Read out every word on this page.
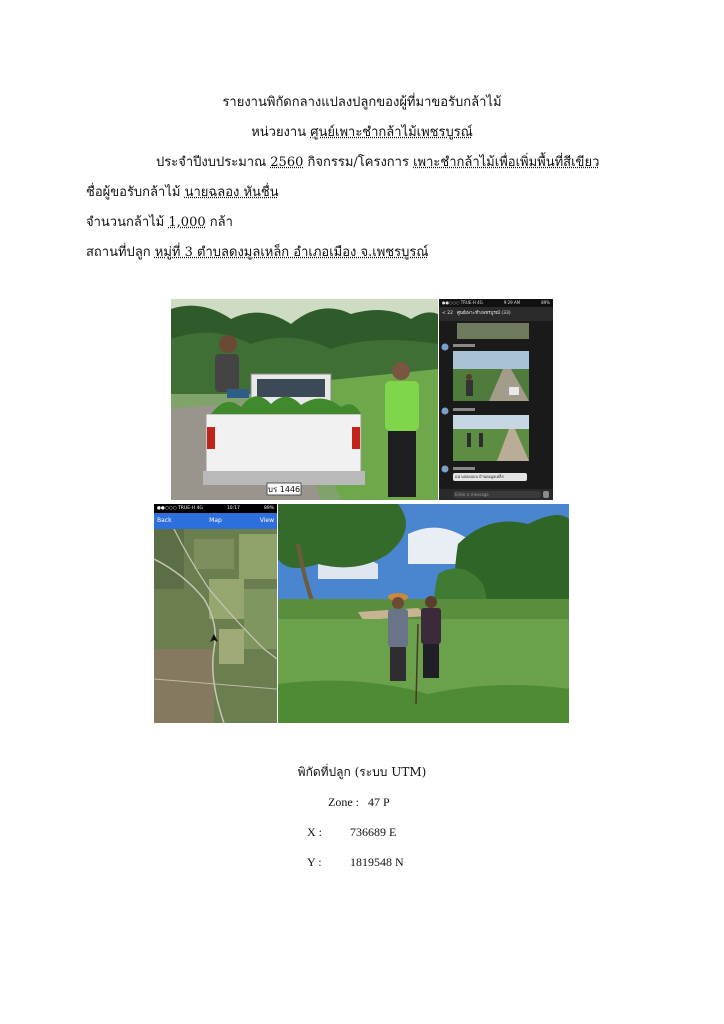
รายงานพิกัดกลางแปลงปลูกของผู้ที่มาขอรับกล้าไม้
หน่วยงาน ศูนย์เพาะชำกล้าไม้เพชรบูรณ์
ประจำปีงบประมาณ 2560 กิจกรรม/โครงการ เพาะชำกล้าไม้เพื่อเพิ่มพื้นที่สีเขียว
ชื่อผู้ขอรับกล้าไม้ นายฉลอง หันชื่น
จำนวนกล้าไม้ 1,000 กล้า
สถานที่ปลูก หมู่ที่ 3 ตำบลดงมูลเหล็ก อำเภอเมือง จ.เพชรบูรณ์
บร 1446
●●○○○ TRUE-H 4G	9:29 AM	89%
< 22 ศูนย์เพาะชำเพชรบูรณ์ (33)
แน่ พลอยแบบ บ้านดงมูลเหล็ก
Enter a message
●●○○○ TRUE-H 4G	10:17	89%
Back	Map	View
พิกัดที่ปลูก (ระบบ UTM)
Zone : 47 P
X : 736689 E
Y : 1819548 N
